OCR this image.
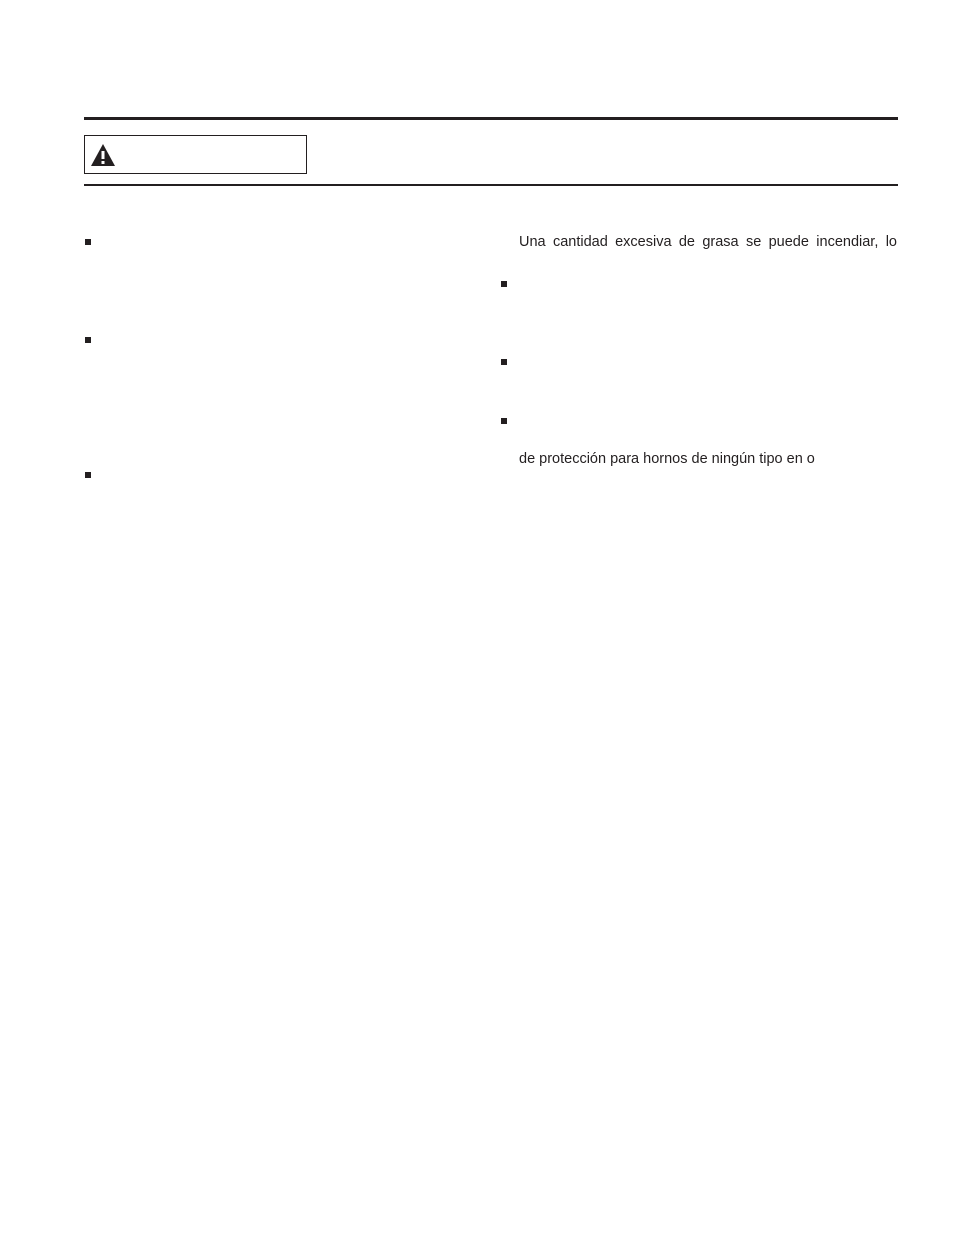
Una cantidad excesiva de grasa se puede incendiar, lo
de protección para hornos de ningún tipo en o
